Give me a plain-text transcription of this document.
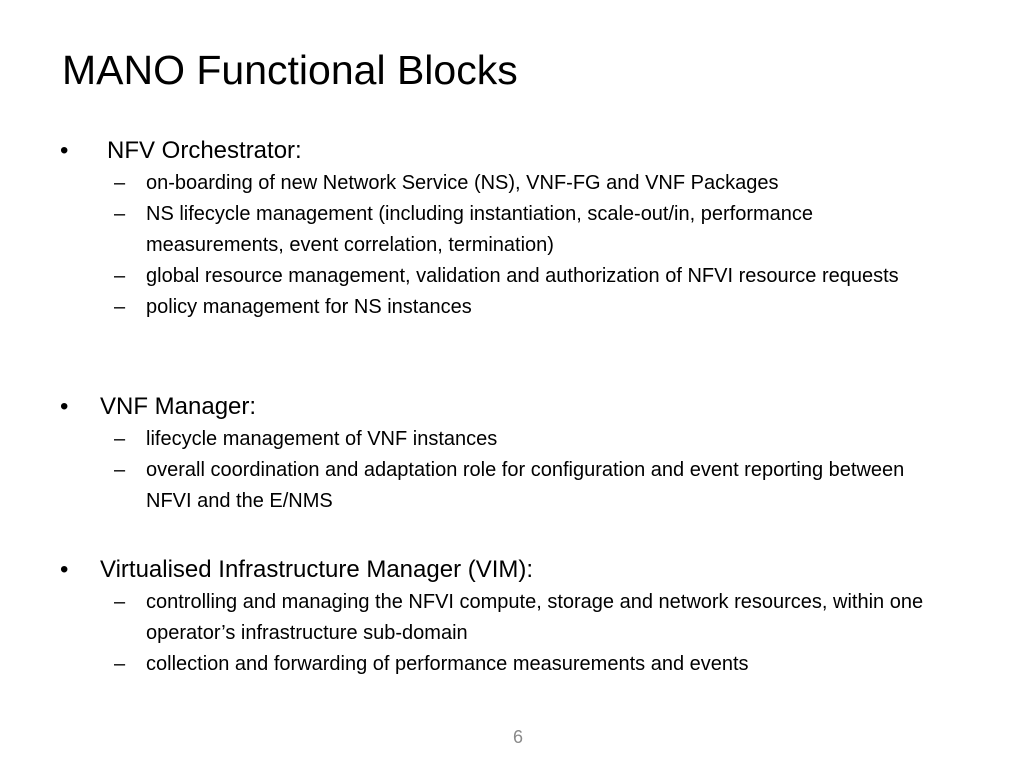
MANO Functional Blocks
• NFV Orchestrator:
– on-boarding of new Network Service (NS), VNF-FG and VNF Packages
– NS lifecycle management (including instantiation, scale-out/in, performance measurements, event correlation, termination)
– global resource management, validation and authorization of NFVI resource requests
– policy management for NS instances
• VNF Manager:
– lifecycle management of VNF instances
– overall coordination and adaptation role for configuration and event reporting between NFVI and the E/NMS
• Virtualised Infrastructure Manager (VIM):
– controlling and managing the NFVI compute, storage and network resources, within one operator’s infrastructure sub-domain
– collection and forwarding of performance measurements and events
6
